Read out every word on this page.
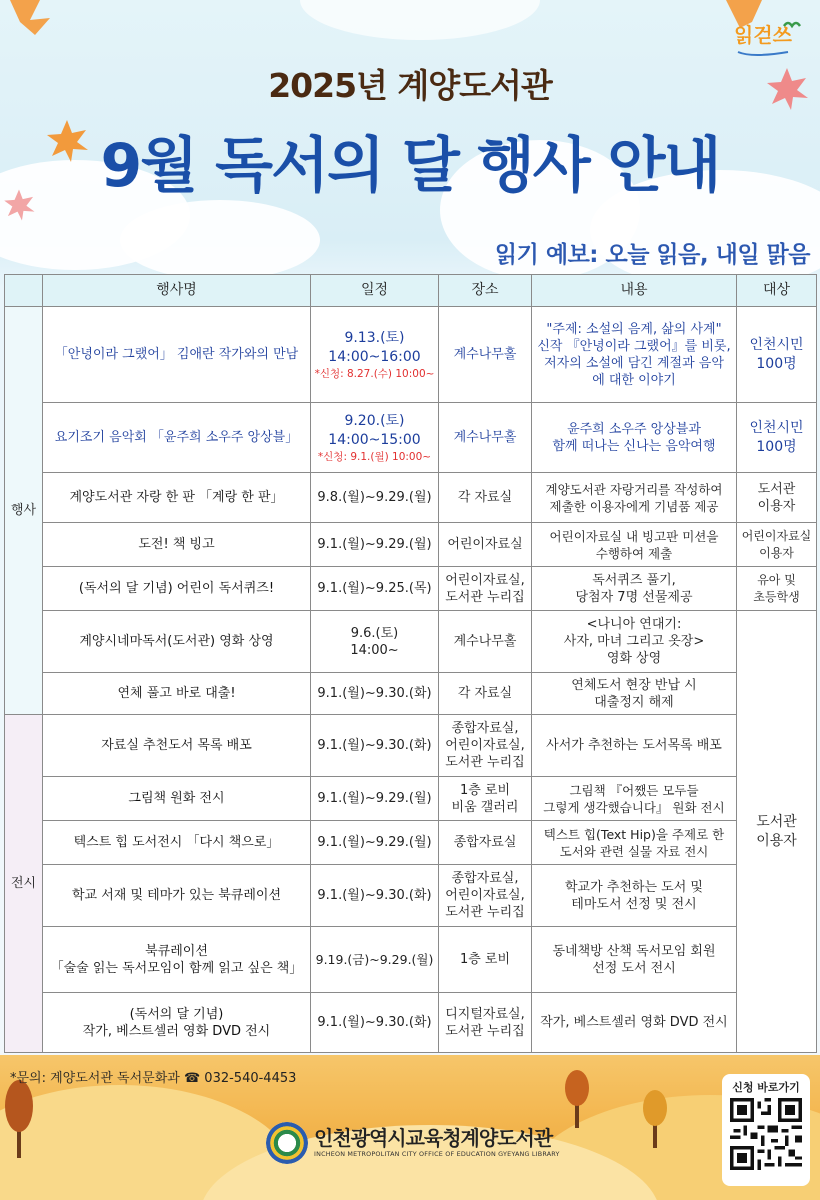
읽걷쓰
2025년 계양도서관
9월 독서의 달 행사 안내
읽기 예보: 오늘 읽음, 내일 맑음
	행사명	일정	장소	내용	대상
행사	「안녕이라 그랬어」 김애란 작가와의 만남	9.13.(토)
14:00~16:00
*신청: 8.27.(수) 10:00~	계수나무홀	"주제: 소설의 음계, 삶의 사계"
신작 『안녕이라 그랬어』를 비롯,
저자의 소설에 담긴 계절과 음악
에 대한 이야기	인천시민
100명
	요기조기 음악회 「윤주희 소우주 앙상블」	9.20.(토)
14:00~15:00
*신청: 9.1.(월) 10:00~	계수나무홀	윤주희 소우주 앙상블과
함께 떠나는 신나는 음악여행	인천시민
100명
	계양도서관 자랑 한 판 「계랑 한 판」	9.8.(월)~9.29.(월)	각 자료실	계양도서관 자랑거리를 작성하여
제출한 이용자에게 기념품 제공	도서관
이용자
	도전! 책 빙고	9.1.(월)~9.29.(월)	어린이자료실	어린이자료실 내 빙고판 미션을
수행하여 제출	어린이자료실
이용자
	(독서의 달 기념) 어린이 독서퀴즈!	9.1.(월)~9.25.(목)	어린이자료실,
도서관 누리집	독서퀴즈 풀기,
당첨자 7명 선물제공	유아 및
초등학생
	계양시네마독서(도서관) 영화 상영	9.6.(토)
14:00~	계수나무홀	<나니아 연대기:
사자, 마녀 그리고 옷장>
영화 상영	도서관
이용자
	연체 풀고 바로 대출!	9.1.(월)~9.30.(화)	각 자료실	연체도서 현장 반납 시
대출정지 해제	
전시	자료실 추천도서 목록 배포	9.1.(월)~9.30.(화)	종합자료실,
어린이자료실,
도서관 누리집	사서가 추천하는 도서목록 배포	
	그림책 원화 전시	9.1.(월)~9.29.(월)	1층 로비
비움 갤러리	그림책 『어쨌든 모두들
그렇게 생각했습니다』 원화 전시	
	텍스트 힙 도서전시 「다시 책으로」	9.1.(월)~9.29.(월)	종합자료실	텍스트 힙(Text Hip)을 주제로 한
도서와 관련 실물 자료 전시	
	학교 서재 및 테마가 있는 북큐레이션	9.1.(월)~9.30.(화)	종합자료실,
어린이자료실,
도서관 누리집	학교가 추천하는 도서 및
테마도서 선정 및 전시	
	북큐레이션
「술술 읽는 독서모임이 함께 읽고 싶은 책」	9.19.(금)~9.29.(월)	1층 로비	동네책방 산책 독서모임 회원
선정 도서 전시	
	(독서의 달 기념)
작가, 베스트셀러 영화 DVD 전시	9.1.(월)~9.30.(화)	디지털자료실,
도서관 누리집	작가, 베스트셀러 영화 DVD 전시	
*문의: 계양도서관 독서문화과 ☎ 032-540-4453
인천광역시교육청계양도서관
INCHEON METROPOLITAN CITY OFFICE OF EDUCATION GYEYANG LIBRARY
신청 바로가기
